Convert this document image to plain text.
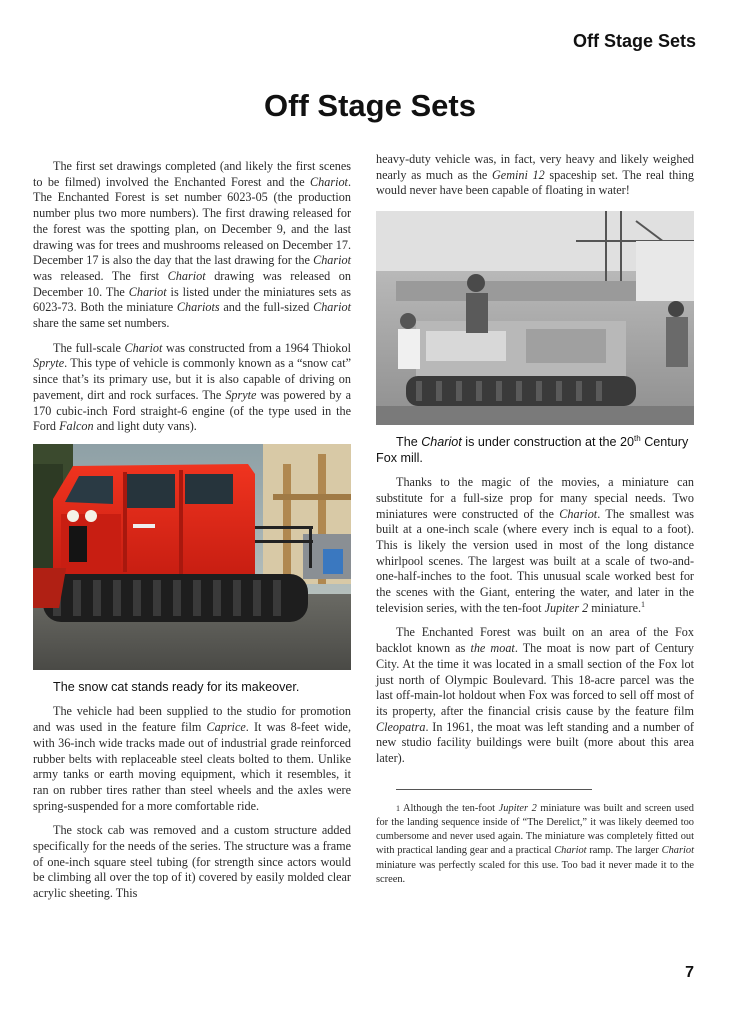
Off Stage Sets
Off Stage Sets

The first set drawings completed (and likely the first scenes to be filmed) involved the Enchanted Forest and the Chariot. The Enchanted Forest is set number 6023-05 (the production number plus two more numbers). The first drawing released for the forest was the spotting plan, on December 9, and the last drawing was for trees and mushrooms released on December 17. December 17 is also the day that the last drawing for the Chariot was released. The first Chariot drawing was released on December 10. The Chariot is listed under the miniatures sets as 6023-73. Both the miniature Chariots and the full-sized Chariot share the same set numbers.

The full-scale Chariot was constructed from a 1964 Thiokol Spryte. This type of vehicle is commonly known as a “snow cat” since that’s its primary use, but it is also capable of driving on pavement, dirt and rock surfaces. The Spryte was powered by a 170 cubic-inch Ford straight-6 engine (of the type used in the Ford Falcon and light duty vans).

The snow cat stands ready for its makeover.

The vehicle had been supplied to the studio for promotion and was used in the feature film Caprice. It was 8-feet wide, with 36-inch wide tracks made out of industrial grade reinforced rubber belts with replaceable steel cleats bolted to them. Unlike army tanks or earth moving equipment, which it resembles, it ran on rubber tires rather than steel wheels and the axles were spring-suspended for a more comfortable ride.

The stock cab was removed and a custom structure added specifically for the needs of the series. The structure was a frame of one-inch square steel tubing (for strength since actors would be climbing all over the top of it) covered by easily molded clear acrylic sheeting. This

heavy-duty vehicle was, in fact, very heavy and likely weighed nearly as much as the Gemini 12 spaceship set. The real thing would never have been capable of floating in water!

The Chariot is under construction at the 20th Century Fox mill.

Thanks to the magic of the movies, a miniature can substitute for a full-size prop for many special needs. Two miniatures were constructed of the Chariot. The smallest was built at a one-inch scale (where every inch is equal to a foot). This is likely the version used in most of the long distance whirlpool scenes. The largest was built at a scale of two-and-one-half-inches to the foot. This unusual scale worked best for the scenes with the Giant, entering the water, and later in the television series, with the ten-foot Jupiter 2 miniature.$^1$

The Enchanted Forest was built on an area of the Fox backlot known as the moat. The moat is now part of Century City. At the time it was located in a small section of the Fox lot just north of Olympic Boulevard. This 18-acre parcel was the last off-main-lot holdout when Fox was forced to sell off most of its property, after the financial crisis cause by the feature film Cleopatra. In 1961, the moat was left standing and a number of new studio facility buildings were built (more about this area later).

$^1$ Although the ten-foot Jupiter 2 miniature was built and screen used for the landing sequence inside of “The Derelict,” it was likely deemed too cumbersome and never used again. The miniature was completely fitted out with practical landing gear and a practical Chariot ramp. The larger Chariot miniature was perfectly scaled for this use. Too bad it never made it to the screen.

7
